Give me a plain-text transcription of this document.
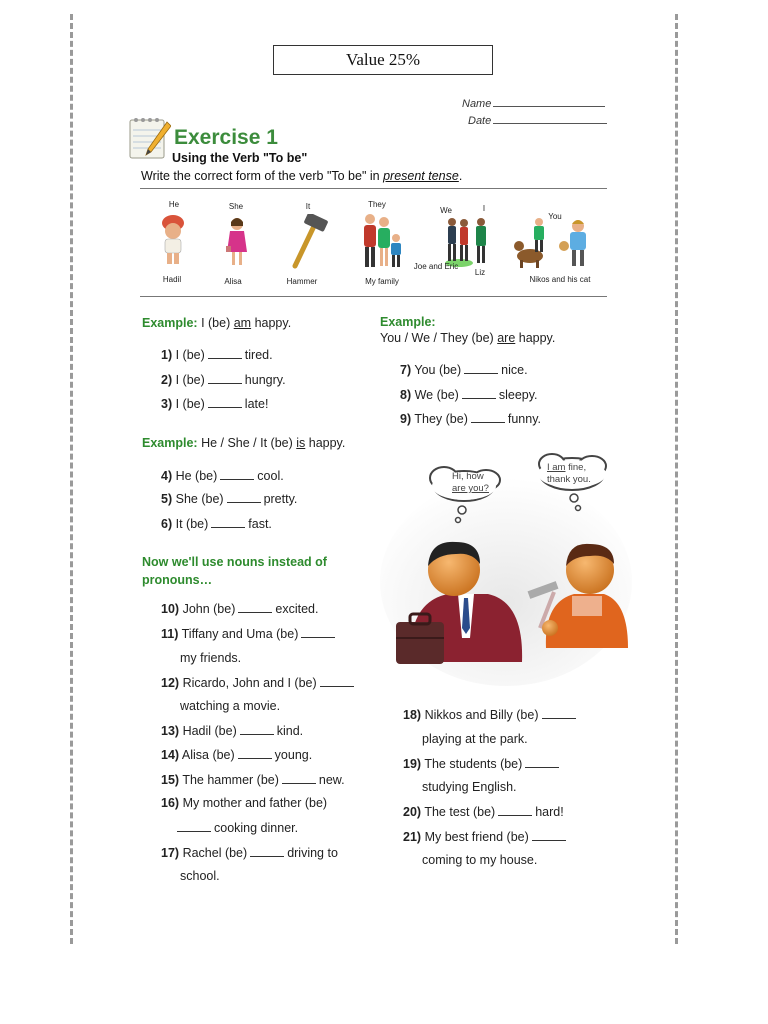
Value 25%
Name
Date
Exercise 1
Using the Verb "To be"
Write the correct form of the verb "To be" in present tense.
He
Hadil
She
Alisa
It
Hammer
They
My family
We
Joe and Eric
I
Liz
You
Nikos and his cat
Example: I (be) am happy.
1) I (be)	tired.
2) I (be)	hungry.
3) I (be)	late!
Example: He / She / It (be) is happy.
4) He (be)	cool.
5) She (be)	pretty.
6) It (be)	fast.
Now we'll use nouns instead of
pronouns…
10) John (be)	excited.
11) Tiffany and Uma (be)
my friends.
12) Ricardo, John and I (be)
watching a movie.
13) Hadil (be)	kind.
14) Alisa (be)	young.
15) The hammer (be)	new.
16) My mother and father (be)
cooking dinner.
17) Rachel (be)	driving to
school.
Example:
You / We / They (be) are happy.
7) You (be)	nice.
8) We (be)	sleepy.
9) They (be)	funny.
Hi, how
are you?
I am fine,
thank you.
18) Nikkos and Billy (be)
playing at the park.
19) The students (be)
studying English.
20) The test (be)	hard!
21) My best friend (be)
coming to my house.
